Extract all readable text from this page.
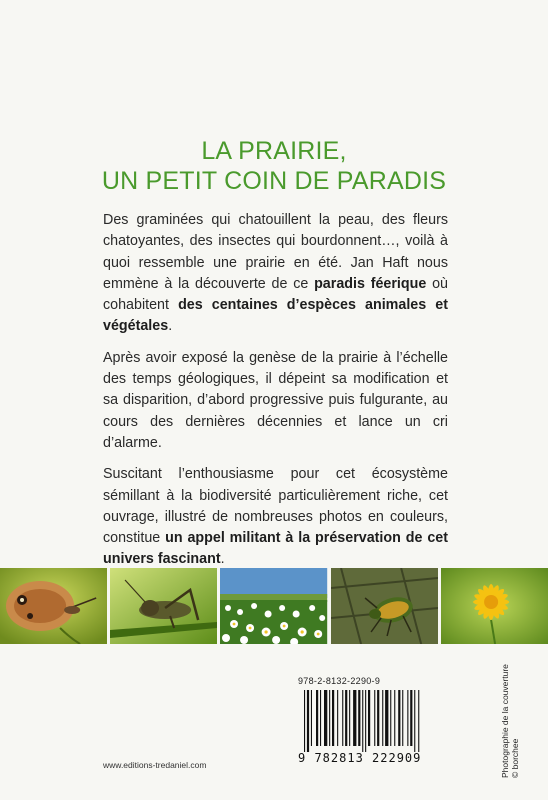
LA PRAIRIE,
UN PETIT COIN DE PARADIS

Des graminées qui chatouillent la peau, des fleurs chatoyantes, des insectes qui bourdonnent…, voilà à quoi ressemble une prairie en été. Jan Haft nous emmène à la découverte de ce paradis féerique où cohabitent des centaines d’espèces animales et végétales.

Après avoir exposé la genèse de la prairie à l’échelle des temps géologiques, il dépeint sa modification et sa disparition, d’abord progressive puis fulgurante, au cours des dernières décennies et lance un cri d’alarme.

Suscitant l’enthousiasme pour cet écosystème sémillant à la biodiversité particulièrement riche, cet ouvrage, illustré de nombreuses photos en couleurs, constitue un appel militant à la préservation de cet univers fascinant.

Photographie de la couverture © borchee
978-2-8132-2290-9
9 782813 222909
www.editions-tredaniel.com
